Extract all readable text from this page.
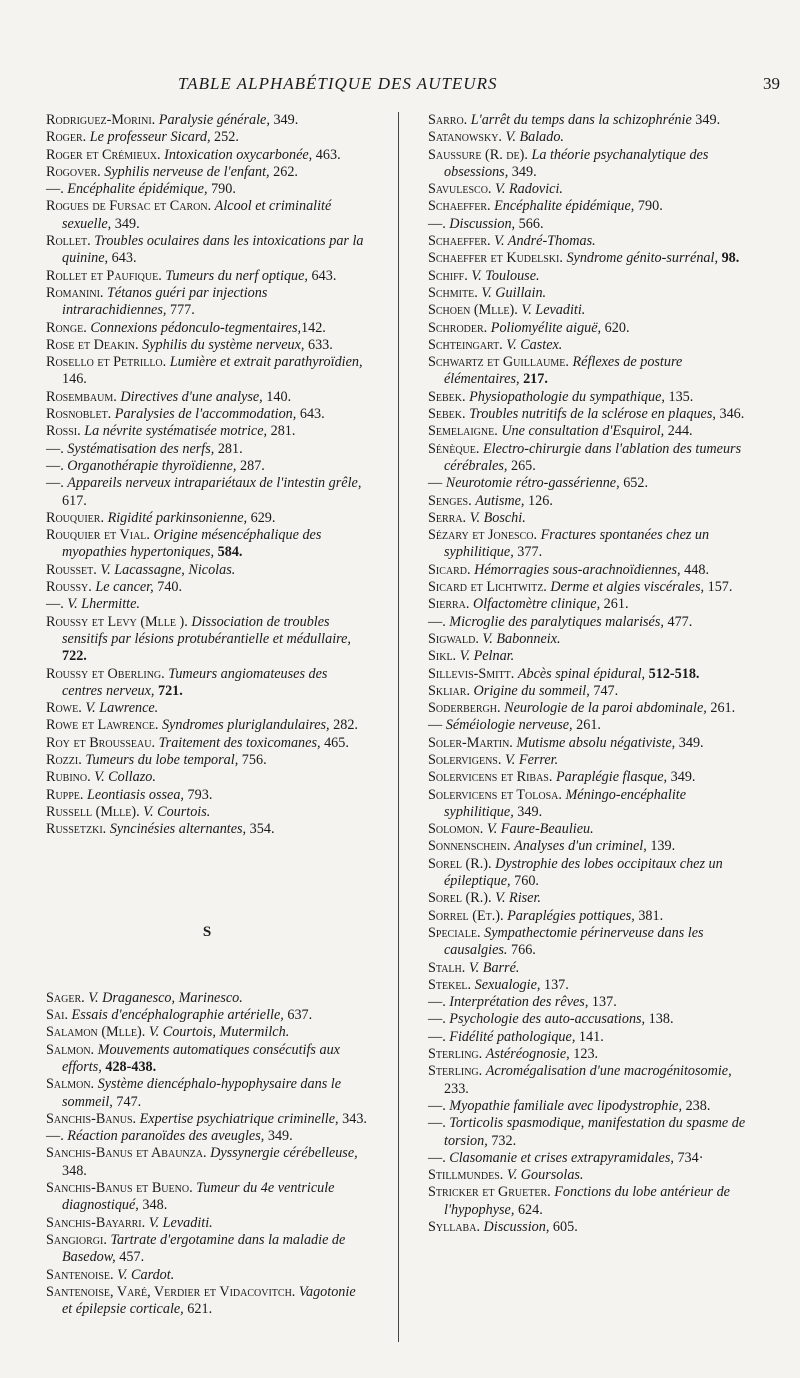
TABLE ALPHABÉTIQUE DES AUTEURS	39

Rodriguez-Morini. Paralysie générale, 349.

Roger. Le professeur Sicard, 252.

Roger et Crémieux. Intoxication oxycarbonée, 463.

Rogover. Syphilis nerveuse de l'enfant, 262.

—. Encéphalite épidémique, 790.

Rogues de Fursac et Caron. Alcool et criminalité sexuelle, 349.

Rollet. Troubles oculaires dans les intoxications par la quinine, 643.

Rollet et Paufique. Tumeurs du nerf optique, 643.

Romanini. Tétanos guéri par injections intrarachidiennes, 777.

Ronge. Connexions pédonculo-tegmentaires,142.

Rose et Deakin. Syphilis du système nerveux, 633.

Rosello et Petrillo. Lumière et extrait parathyroïdien, 146.

Rosembaum. Directives d'une analyse, 140.

Rosnoblet. Paralysies de l'accommodation, 643.

Rossi. La névrite systématisée motrice, 281.

—. Systématisation des nerfs, 281.

—. Organothérapie thyroïdienne, 287.

—. Appareils nerveux intrapariétaux de l'intestin grêle, 617.

Rouquier. Rigidité parkinsonienne, 629.

Rouquier et Vial. Origine mésencéphalique des myopathies hypertoniques, 584.

Rousset. V. Lacassagne, Nicolas.

Roussy. Le cancer, 740.

—. V. Lhermitte.

Roussy et Levy (Mlle ). Dissociation de troubles sensitifs par lésions protubérantielle et médullaire, 722.

Roussy et Oberling. Tumeurs angiomateuses des centres nerveux, 721.

Rowe. V. Lawrence.

Rowe et Lawrence. Syndromes pluriglandulaires, 282.

Roy et Brousseau. Traitement des toxicomanes, 465.

Rozzi. Tumeurs du lobe temporal, 756.

Rubino. V. Collazo.

Ruppe. Leontiasis ossea, 793.

Russell (Mlle). V. Courtois.

Russetzki. Syncinésies alternantes, 354.

S

Sager. V. Draganesco, Marinesco.

Sai. Essais d'encéphalographie artérielle, 637.

Salamon (Mlle). V. Courtois, Mutermilch.

Salmon. Mouvements automatiques consécutifs aux efforts, 428-438.

Salmon. Système diencéphalo-hypophysaire dans le sommeil, 747.

Sanchis-Banus. Expertise psychiatrique criminelle, 343.

—. Réaction paranoïdes des aveugles, 349.

Sanchis-Banus et Abaunza. Dyssynergie cérébelleuse, 348.

Sanchis-Banus et Bueno. Tumeur du 4e ventricule diagnostiqué, 348.

Sanchis-Bayarri. V. Levaditi.

Sangiorgi. Tartrate d'ergotamine dans la maladie de Basedow, 457.

Santenoise. V. Cardot.

Santenoise, Varé, Verdier et Vidacovitch. Vagotonie et épilepsie corticale, 621.

Sarro. L'arrêt du temps dans la schizophrénie 349.

Satanowsky. V. Balado.

Saussure (R. de). La théorie psychanalytique des obsessions, 349.

Savulesco. V. Radovici.

Schaeffer. Encéphalite épidémique, 790.

—. Discussion, 566.

Schaeffer. V. André-Thomas.

Schaeffer et Kudelski. Syndrome génito-surrénal, 98.

Schiff. V. Toulouse.

Schmite. V. Guillain.

Schoen (Mlle). V. Levaditi.

Schroder. Poliomyélite aiguë, 620.

Schteingart. V. Castex.

Schwartz et Guillaume. Réflexes de posture élémentaires, 217.

Sebek. Physiopathologie du sympathique, 135.

Sebek. Troubles nutritifs de la sclérose en plaques, 346.

Semelaigne. Une consultation d'Esquirol, 244.

Sénèque. Electro-chirurgie dans l'ablation des tumeurs cérébrales, 265.

— Neurotomie rétro-gassérienne, 652.

Senges. Autisme, 126.

Serra. V. Boschi.

Sézary et Jonesco. Fractures spontanées chez un syphilitique, 377.

Sicard. Hémorragies sous-arachnoïdiennes, 448.

Sicard et Lichtwitz. Derme et algies viscérales, 157.

Sierra. Olfactomètre clinique, 261.

—. Microglie des paralytiques malarisés, 477.

Sigwald. V. Babonneix.

Sikl. V. Pelnar.

Sillevis-Smitt. Abcès spinal épidural, 512-518.

Skliar. Origine du sommeil, 747.

Soderbergh. Neurologie de la paroi abdominale, 261.

— Séméiologie nerveuse, 261.

Soler-Martin. Mutisme absolu négativiste, 349.

Solervigens. V. Ferrer.

Solervicens et Ribas. Paraplégie flasque, 349.

Solervicens et Tolosa. Méningo-encéphalite syphilitique, 349.

Solomon. V. Faure-Beaulieu.

Sonnenschein. Analyses d'un criminel, 139.

Sorel (R.). Dystrophie des lobes occipitaux chez un épileptique, 760.

Sorel (R.). V. Riser.

Sorrel (Et.). Paraplégies pottiques, 381.

Speciale. Sympathectomie périnerveuse dans les causalgies. 766.

Stalh. V. Barré.

Stekel. Sexualogie, 137.

—. Interprétation des rêves, 137.

—. Psychologie des auto-accusations, 138.

—. Fidélité pathologique, 141.

Sterling. Astéréognosie, 123.

Sterling. Acromégalisation d'une macrogénitosomie, 233.

—. Myopathie familiale avec lipodystrophie, 238.

—. Torticolis spasmodique, manifestation du spasme de torsion, 732.

—. Clasomanie et crises extrapyramidales, 734·

Stillmundes. V. Goursolas.

Stricker et Grueter. Fonctions du lobe antérieur de l'hypophyse, 624.

Syllaba. Discussion, 605.
